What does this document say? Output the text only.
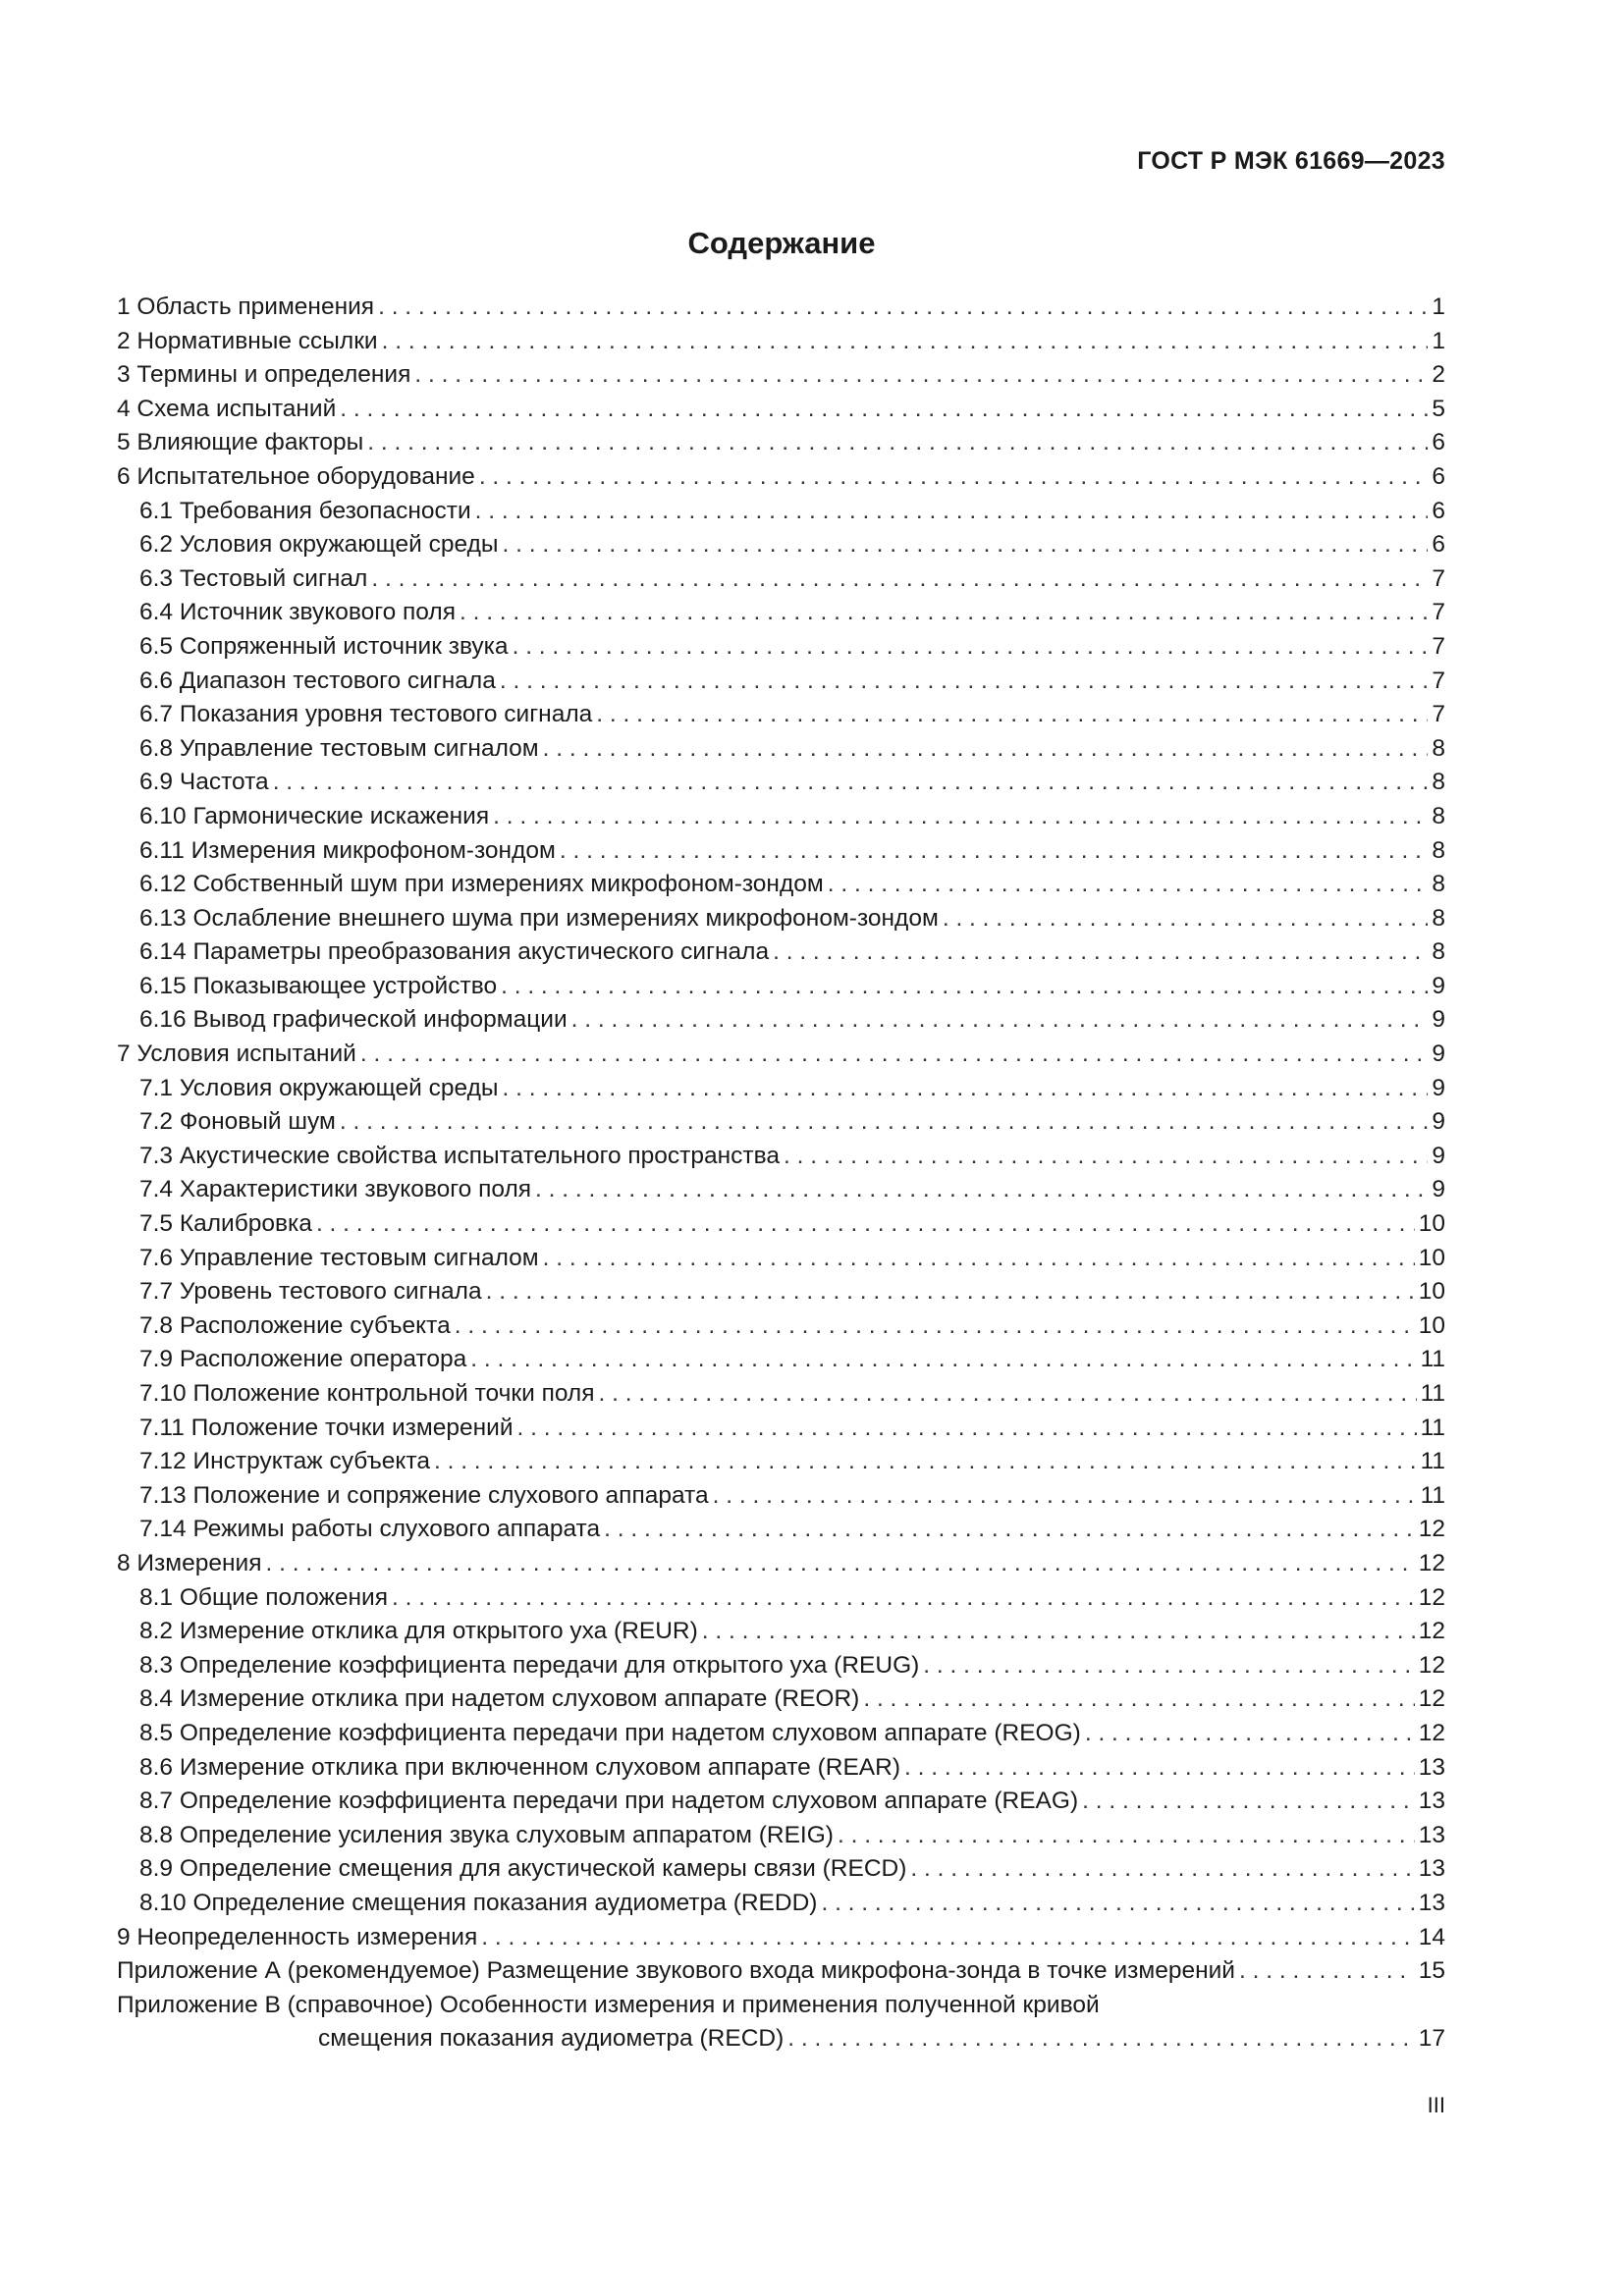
ГОСТ Р МЭК 61669—2023
Содержание
1 Область применения . . .	1
2 Нормативные ссылки . . .	1
3 Термины и определения . . .	2
4 Схема испытаний . . .	5
5 Влияющие факторы . . .	6
6 Испытательное оборудование . . .	6
6.1 Требования безопасности . . .	6
6.2 Условия окружающей среды . . .	6
6.3 Тестовый сигнал . . .	7
6.4 Источник звукового поля . . .	7
6.5 Сопряженный источник звука . . .	7
6.6 Диапазон тестового сигнала . . .	7
6.7 Показания уровня тестового сигнала . . .	7
6.8 Управление тестовым сигналом . . .	8
6.9 Частота . . .	8
6.10 Гармонические искажения . . .	8
6.11 Измерения микрофоном-зондом . . .	8
6.12 Собственный шум при измерениях микрофоном-зондом . . .	8
6.13 Ослабление внешнего шума при измерениях микрофоном-зондом . . .	8
6.14 Параметры преобразования акустического сигнала . . .	8
6.15 Показывающее устройство . . .	9
6.16 Вывод графической информации . . .	9
7 Условия испытаний . . .	9
7.1 Условия окружающей среды . . .	9
7.2 Фоновый шум . . .	9
7.3 Акустические свойства испытательного пространства . . .	9
7.4 Характеристики звукового поля . . .	9
7.5 Калибровка . . .	10
7.6 Управление тестовым сигналом . . .	10
7.7 Уровень тестового сигнала . . .	10
7.8 Расположение субъекта . . .	10
7.9 Расположение оператора . . .	11
7.10 Положение контрольной точки поля . . .	11
7.11 Положение точки измерений . . .	11
7.12 Инструктаж субъекта . . .	11
7.13 Положение и сопряжение слухового аппарата . . .	11
7.14 Режимы работы слухового аппарата . . .	12
8 Измерения . . .	12
8.1 Общие положения . . .	12
8.2 Измерение отклика для открытого уха (REUR) . . .	12
8.3 Определение коэффициента передачи для открытого уха (REUG) . . .	12
8.4 Измерение отклика при надетом слуховом аппарате (REOR) . . .	12
8.5 Определение коэффициента передачи при надетом слуховом аппарате (REOG) . . .	12
8.6 Измерение отклика при включенном слуховом аппарате (REAR) . . .	13
8.7 Определение коэффициента передачи при надетом слуховом аппарате (REAG) . . .	13
8.8 Определение усиления звука слуховым аппаратом (REIG) . . .	13
8.9 Определение смещения для акустической камеры связи (RECD) . . .	13
8.10 Определение смещения показания аудиометра (REDD) . . .	13
9 Неопределенность измерения . . .	14
Приложение А (рекомендуемое) Размещение звукового входа микрофона-зонда в точке измерений . . .	15
Приложение В (справочное) Особенности измерения и применения полученной кривой
смещения показания аудиометра (RECD) . . .	17
III
